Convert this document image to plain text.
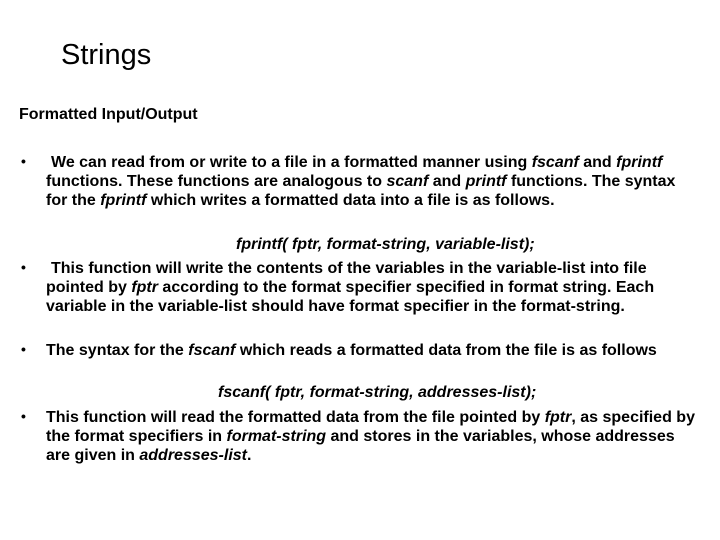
Strings
Formatted Input/Output
•	We can read from or write to a file in a formatted manner using fscanf and fprintf functions. These functions are analogous to scanf and printf functions. The syntax for the fprintf which writes a formatted data into a file is as follows.
fprintf( fptr, format-string, variable-list);
•	This function will write the contents of the variables in the variable-list into file pointed by fptr according to the format specifier specified in format string. Each variable in the variable-list should have format specifier in the format-string.
• The syntax for the fscanf which reads a formatted data from the file is as follows
fscanf( fptr, format-string, addresses-list);
• This function will read the formatted data from the file pointed by fptr, as specified by the format specifiers in format-string and stores in the variables, whose addresses are given in addresses-list.
